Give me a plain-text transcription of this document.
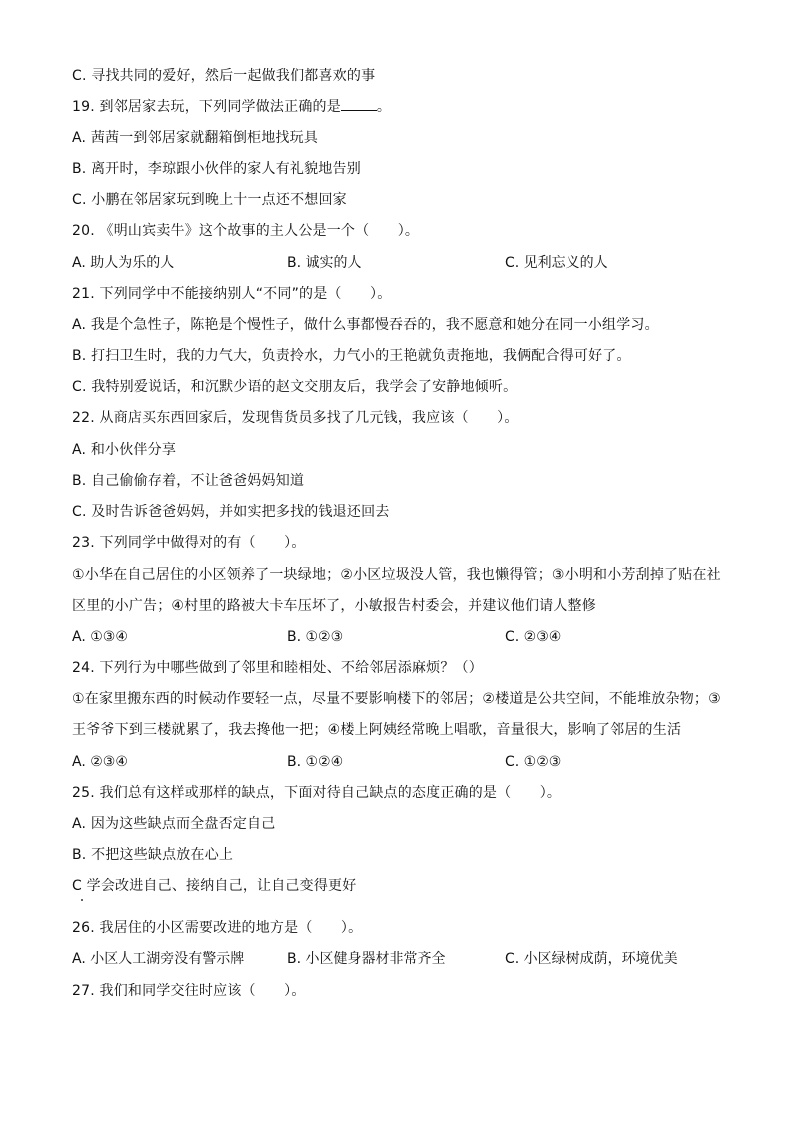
C. 寻找共同的爱好，然后一起做我们都喜欢的事
19. 到邻居家去玩，下列同学做法正确的是	。
A. 茜茜一到邻居家就翻箱倒柜地找玩具
B. 离开时，李琼跟小伙伴的家人有礼貌地告别
C. 小鹏在邻居家玩到晚上十一点还不想回家
20. 《明山宾卖牛》这个故事的主人公是一个（　　）。
A. 助人为乐的人	B. 诚实的人	C. 见利忘义的人
21. 下列同学中不能接纳别人“不同”的是（　　）。
A. 我是个急性子，陈艳是个慢性子，做什么事都慢吞吞的，我不愿意和她分在同一小组学习。
B. 打扫卫生时，我的力气大，负责拎水，力气小的王艳就负责拖地，我俩配合得可好了。
C. 我特别爱说话，和沉默少语的赵文交朋友后，我学会了安静地倾听。
22. 从商店买东西回家后，发现售货员多找了几元钱，我应该（　　）。
A. 和小伙伴分享
B. 自己偷偷存着，不让爸爸妈妈知道
C. 及时告诉爸爸妈妈，并如实把多找的钱退还回去
23. 下列同学中做得对的有（　　）。
①小华在自己居住的小区领养了一块绿地；②小区垃圾没人管，我也懒得管；③小明和小芳刮掉了贴在社
区里的小广告；④村里的路被大卡车压坏了，小敏报告村委会，并建议他们请人整修
A. ①③④	B. ①②③	C. ②③④
24. 下列行为中哪些做到了邻里和睦相处、不给邻居添麻烦？（）
①在家里搬东西的时候动作要轻一点，尽量不要影响楼下的邻居；②楼道是公共空间，不能堆放杂物；③
王爷爷下到三楼就累了，我去搀他一把；④楼上阿姨经常晚上唱歌，音量很大，影响了邻居的生活
A. ②③④	B. ①②④	C. ①②③
25. 我们总有这样或那样的缺点，下面对待自己缺点的态度正确的是（　　）。
A. 因为这些缺点而全盘否定自己
B. 不把这些缺点放在心上
C 学会改进自己、接纳自己，让自己变得更好
26. 我居住的小区需要改进的地方是（　　）。
A. 小区人工湖旁没有警示牌	B. 小区健身器材非常齐全	C. 小区绿树成荫，环境优美
27. 我们和同学交往时应该（　　）。
